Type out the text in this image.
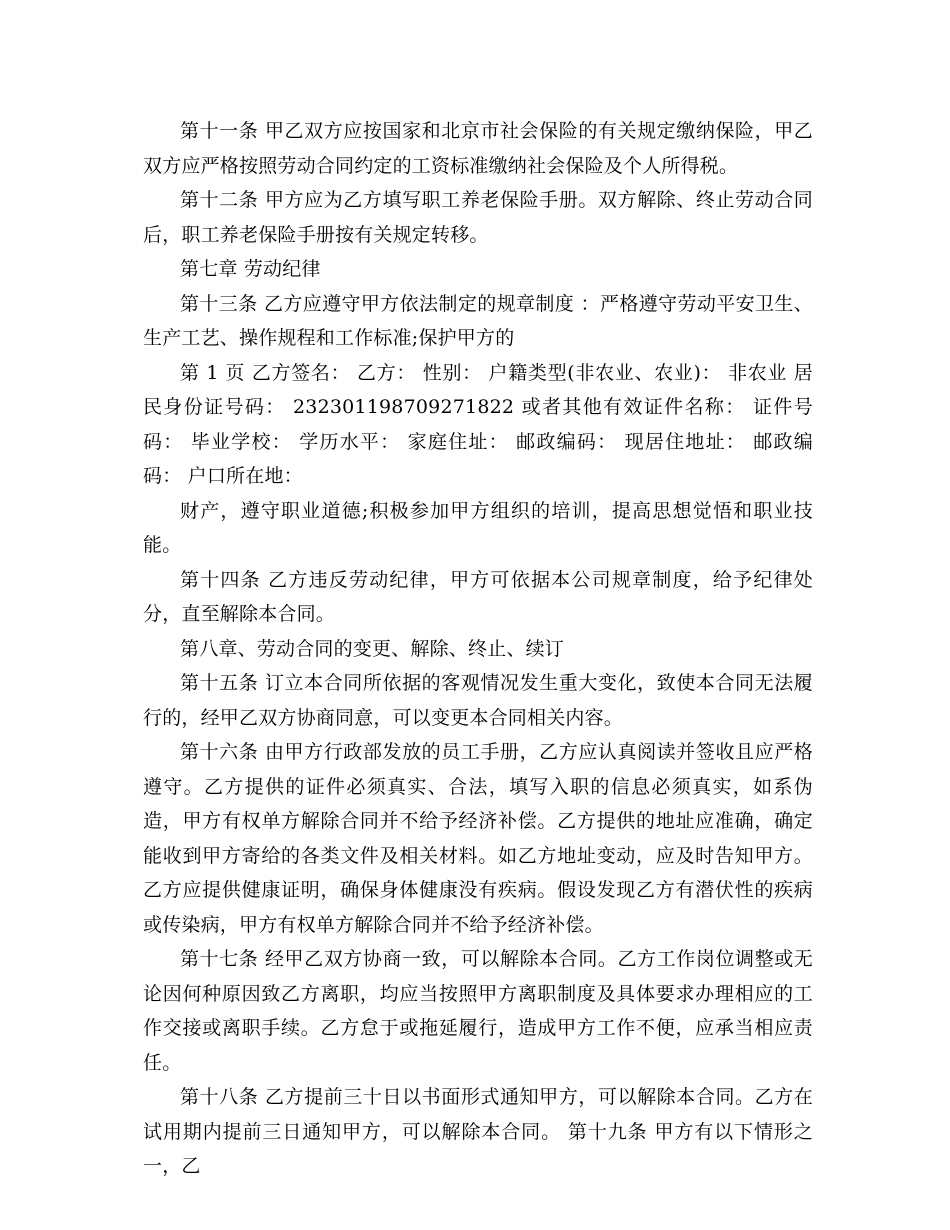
第十一条 甲乙双方应按国家和北京市社会保险的有关规定缴纳保险，甲乙双方应严格按照劳动合同约定的工资标准缴纳社会保险及个人所得税。

第十二条 甲方应为乙方填写职工养老保险手册。双方解除、终止劳动合同后，职工养老保险手册按有关规定转移。

第七章 劳动纪律

第十三条 乙方应遵守甲方依法制定的规章制度 ：严格遵守劳动平安卫生、生产工艺、操作规程和工作标准;保护甲方的

第 1 页 乙方签名： 乙方： 性别： 户籍类型(非农业、农业)： 非农业 居民身份证号码： 232301198709271822 或者其他有效证件名称： 证件号码： 毕业学校： 学历水平： 家庭住址： 邮政编码： 现居住地址： 邮政编码： 户口所在地：

财产，遵守职业道德;积极参加甲方组织的培训，提高思想觉悟和职业技能。

第十四条 乙方违反劳动纪律，甲方可依据本公司规章制度，给予纪律处分，直至解除本合同。

第八章、劳动合同的变更、解除、终止、续订

第十五条 订立本合同所依据的客观情况发生重大变化，致使本合同无法履行的，经甲乙双方协商同意，可以变更本合同相关内容。

第十六条 由甲方行政部发放的员工手册，乙方应认真阅读并签收且应严格遵守。乙方提供的证件必须真实、合法，填写入职的信息必须真实，如系伪造，甲方有权单方解除合同并不给予经济补偿。乙方提供的地址应准确，确定能收到甲方寄给的各类文件及相关材料。如乙方地址变动，应及时告知甲方。乙方应提供健康证明，确保身体健康没有疾病。假设发现乙方有潜伏性的疾病或传染病，甲方有权单方解除合同并不给予经济补偿。

第十七条 经甲乙双方协商一致，可以解除本合同。乙方工作岗位调整或无论因何种原因致乙方离职，均应当按照甲方离职制度及具体要求办理相应的工作交接或离职手续。乙方怠于或拖延履行，造成甲方工作不便，应承当相应责任。

第十八条 乙方提前三十日以书面形式通知甲方，可以解除本合同。乙方在试用期内提前三日通知甲方，可以解除本合同。 第十九条 甲方有以下情形之一，乙
